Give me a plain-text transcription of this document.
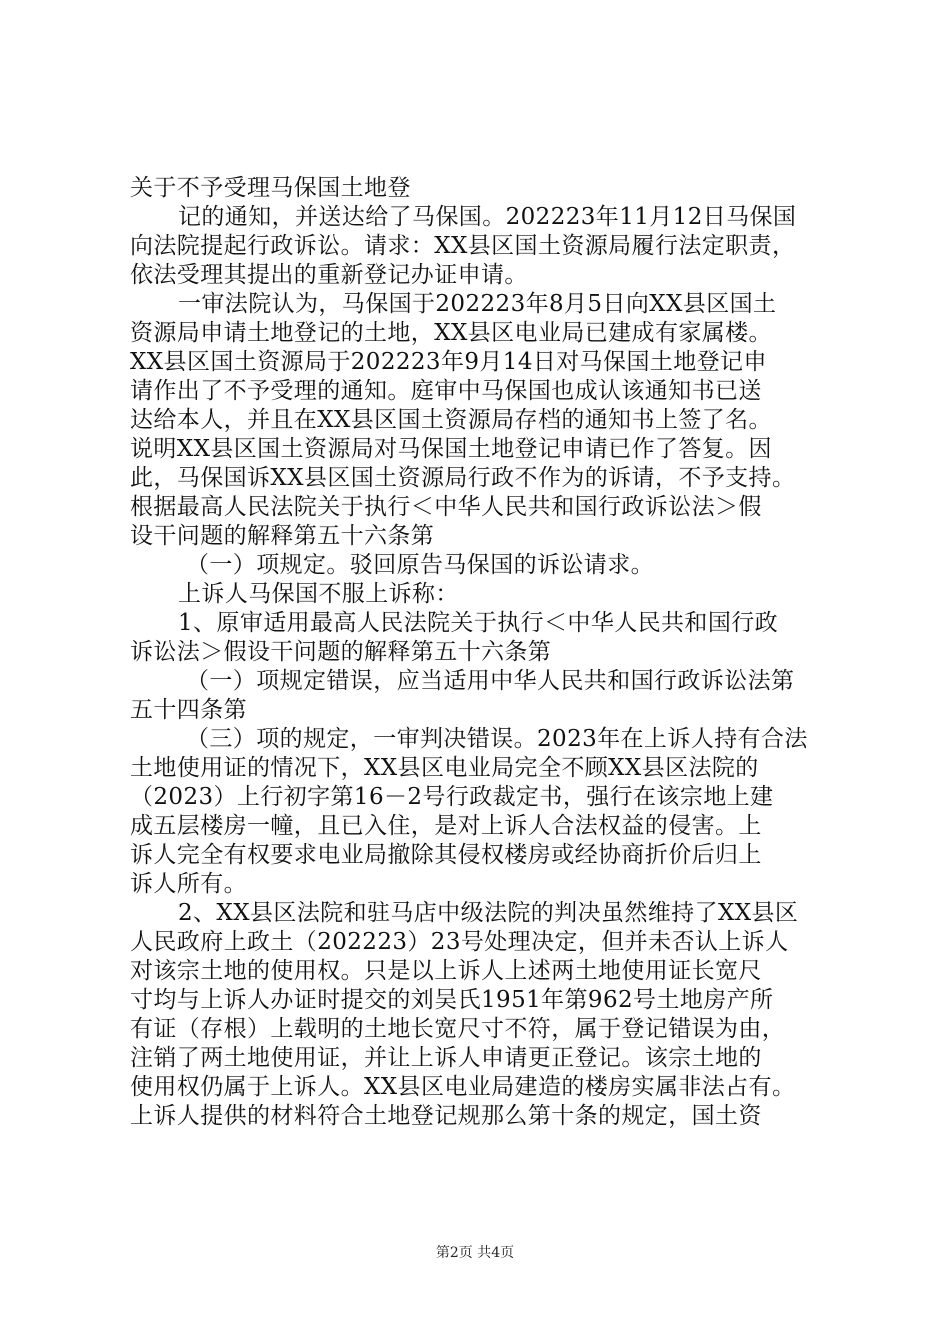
关于不予受理马保国土地登
记的通知，并送达给了马保国。202223年11月12日马保国
向法院提起行政诉讼。请求：XX县区国土资源局履行法定职责，
依法受理其提出的重新登记办证申请。
一审法院认为，马保国于202223年8月5日向XX县区国土
资源局申请土地登记的土地，XX县区电业局已建成有家属楼。
XX县区国土资源局于202223年9月14日对马保国土地登记申
请作出了不予受理的通知。庭审中马保国也成认该通知书已送
达给本人，并且在XX县区国土资源局存档的通知书上签了名。
说明XX县区国土资源局对马保国土地登记申请已作了答复。因
此，马保国诉XX县区国土资源局行政不作为的诉请，不予支持。
根据最高人民法院关于执行＜中华人民共和国行政诉讼法＞假
设干问题的解释第五十六条第
（一）项规定。驳回原告马保国的诉讼请求。
上诉人马保国不服上诉称：
1、原审适用最高人民法院关于执行＜中华人民共和国行政
诉讼法＞假设干问题的解释第五十六条第
（一）项规定错误，应当适用中华人民共和国行政诉讼法第
五十四条第
（三）项的规定，一审判决错误。2023年在上诉人持有合法
土地使用证的情况下，XX县区电业局完全不顾XX县区法院的
（2023）上行初字第16－2号行政裁定书，强行在该宗地上建
成五层楼房一幢，且已入住，是对上诉人合法权益的侵害。上
诉人完全有权要求电业局撤除其侵权楼房或经协商折价后归上
诉人所有。
2、XX县区法院和驻马店中级法院的判决虽然维持了XX县区
人民政府上政土（202223）23号处理决定，但并未否认上诉人
对该宗土地的使用权。只是以上诉人上述两土地使用证长宽尺
寸均与上诉人办证时提交的刘吴氏1951年第962号土地房产所
有证（存根）上载明的土地长宽尺寸不符，属于登记错误为由，
注销了两土地使用证，并让上诉人申请更正登记。该宗土地的
使用权仍属于上诉人。XX县区电业局建造的楼房实属非法占有。
上诉人提供的材料符合土地登记规那么第十条的规定，国土资
第2页 共4页
